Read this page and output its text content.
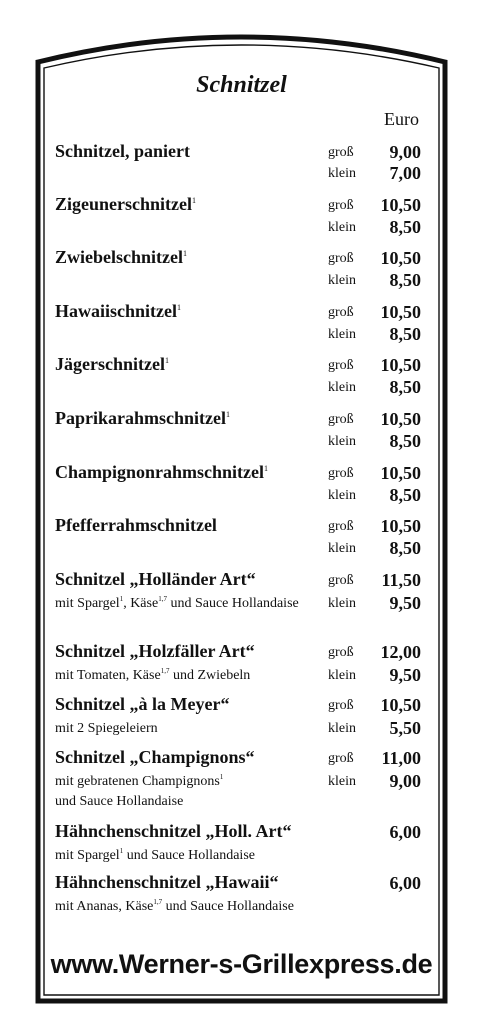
Schnitzel
Euro
Schnitzel, paniert	groß 9,00
klein 7,00
Zigeunerschnitzel$^1$	groß 10,50
klein 8,50
Zwiebelschnitzel$^1$	groß 10,50
klein 8,50
Hawaiischnitzel$^1$	groß 10,50
klein 8,50
Jägerschnitzel$^1$	groß 10,50
klein 8,50
Paprikarahmschnitzel$^1$	groß 10,50
klein 8,50
Champignonrahmschnitzel$^1$	groß 10,50
klein 8,50
Pfefferrahmschnitzel	groß 10,50
klein 8,50
Schnitzel „Holländer Art“
mit Spargel$^1$, Käse$^{1,7}$ und Sauce Hollandaise
groß 11,50
klein 9,50
Schnitzel „Holzfäller Art“
mit Tomaten, Käse$^{1,7}$ und Zwiebeln
groß 12,00
klein 9,50
Schnitzel „à la Meyer“
mit 2 Spiegeleiern
groß 10,50
klein 5,50
Schnitzel „Champignons“
mit gebratenen Champignons$^1$
und Sauce Hollandaise
groß 11,00
klein 9,00
Hähnchenschnitzel „Holl. Art“
mit Spargel$^1$ und Sauce Hollandaise
6,00
Hähnchenschnitzel „Hawaii“
mit Ananas, Käse$^{1,7}$ und Sauce Hollandaise
6,00
www.Werner-s-Grillexpress.de
